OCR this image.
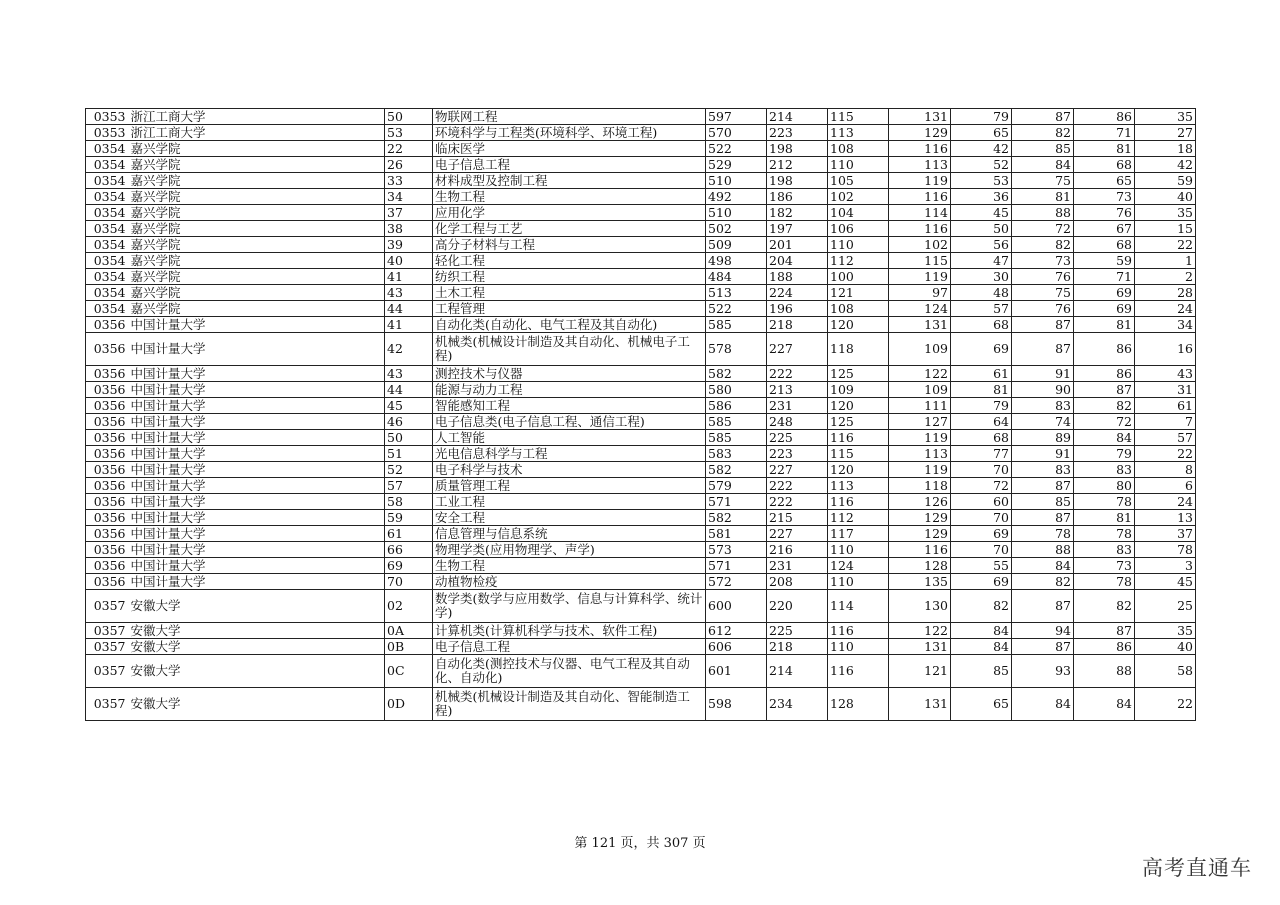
0353	浙江工商大学	50	物联网工程	597	214	115	131	79	87	86	35
0353	浙江工商大学	53	环境科学与工程类(环境科学、环境工程)	570	223	113	129	65	82	71	27
0354	嘉兴学院	22	临床医学	522	198	108	116	42	85	81	18
0354	嘉兴学院	26	电子信息工程	529	212	110	113	52	84	68	42
0354	嘉兴学院	33	材料成型及控制工程	510	198	105	119	53	75	65	59
0354	嘉兴学院	34	生物工程	492	186	102	116	36	81	73	40
0354	嘉兴学院	37	应用化学	510	182	104	114	45	88	76	35
0354	嘉兴学院	38	化学工程与工艺	502	197	106	116	50	72	67	15
0354	嘉兴学院	39	高分子材料与工程	509	201	110	102	56	82	68	22
0354	嘉兴学院	40	轻化工程	498	204	112	115	47	73	59	1
0354	嘉兴学院	41	纺织工程	484	188	100	119	30	76	71	2
0354	嘉兴学院	43	土木工程	513	224	121	97	48	75	69	28
0354	嘉兴学院	44	工程管理	522	196	108	124	57	76	69	24
0356	中国计量大学	41	自动化类(自动化、电气工程及其自动化)	585	218	120	131	68	87	81	34
0356	中国计量大学	42	机械类(机械设计制造及其自动化、机械电子工程)	578	227	118	109	69	87	86	16
0356	中国计量大学	43	测控技术与仪器	582	222	125	122	61	91	86	43
0356	中国计量大学	44	能源与动力工程	580	213	109	109	81	90	87	31
0356	中国计量大学	45	智能感知工程	586	231	120	111	79	83	82	61
0356	中国计量大学	46	电子信息类(电子信息工程、通信工程)	585	248	125	127	64	74	72	7
0356	中国计量大学	50	人工智能	585	225	116	119	68	89	84	57
0356	中国计量大学	51	光电信息科学与工程	583	223	115	113	77	91	79	22
0356	中国计量大学	52	电子科学与技术	582	227	120	119	70	83	83	8
0356	中国计量大学	57	质量管理工程	579	222	113	118	72	87	80	6
0356	中国计量大学	58	工业工程	571	222	116	126	60	85	78	24
0356	中国计量大学	59	安全工程	582	215	112	129	70	87	81	13
0356	中国计量大学	61	信息管理与信息系统	581	227	117	129	69	78	78	37
0356	中国计量大学	66	物理学类(应用物理学、声学)	573	216	110	116	70	88	83	78
0356	中国计量大学	69	生物工程	571	231	124	128	55	84	73	3
0356	中国计量大学	70	动植物检疫	572	208	110	135	69	82	78	45
0357	安徽大学	02	数学类(数学与应用数学、信息与计算科学、统计学)	600	220	114	130	82	87	82	25
0357	安徽大学	0A	计算机类(计算机科学与技术、软件工程)	612	225	116	122	84	94	87	35
0357	安徽大学	0B	电子信息工程	606	218	110	131	84	87	86	40
0357	安徽大学	0C	自动化类(测控技术与仪器、电气工程及其自动化、自动化)	601	214	116	121	85	93	88	58
0357	安徽大学	0D	机械类(机械设计制造及其自动化、智能制造工程)	598	234	128	131	65	84	84	22
第 121 页，共 307 页
高考直通车
